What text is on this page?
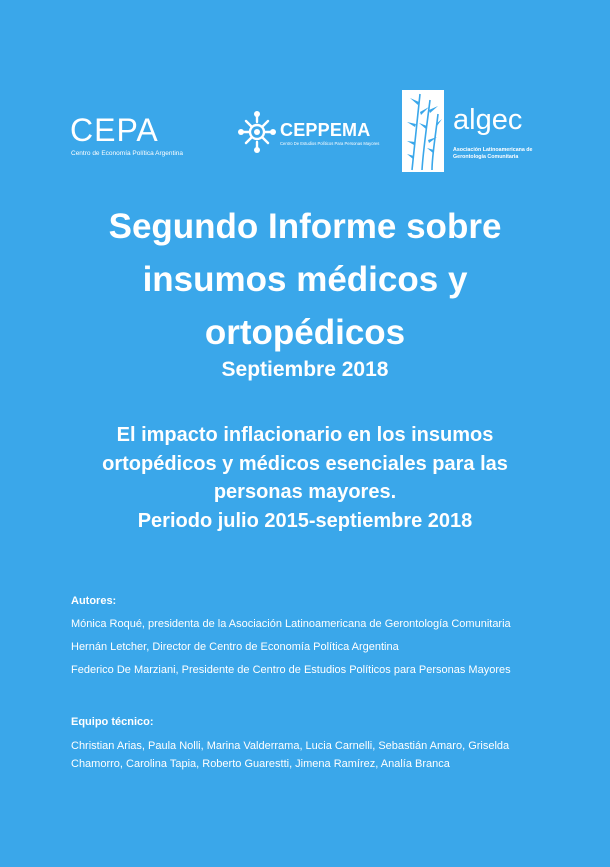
CEPA
Centro de Economía Política Argentina
CEPPEMA
Centro De Estudios Políticos Para Personas Mayores
algec
Asociación Latinoamericana de
Gerontología Comunitaria
Segundo Informe sobre
insumos médicos y
ortopédicos

Septiembre 2018

El impacto inflacionario en los insumos
ortopédicos y médicos esenciales para las
personas mayores.
Periodo julio 2015-septiembre 2018

Autores:
Mónica Roqué, presidenta de la Asociación Latinoamericana de Gerontología Comunitaria
Hernán Letcher, Director de Centro de Economía Política Argentina
Federico De Marziani, Presidente de Centro de Estudios Políticos para Personas Mayores
Equipo técnico:
Christian Arias, Paula Nolli, Marina Valderrama, Lucia Carnelli, Sebastián Amaro, Griselda Chamorro, Carolina Tapia, Roberto Guarestti, Jimena Ramírez, Analía Branca
